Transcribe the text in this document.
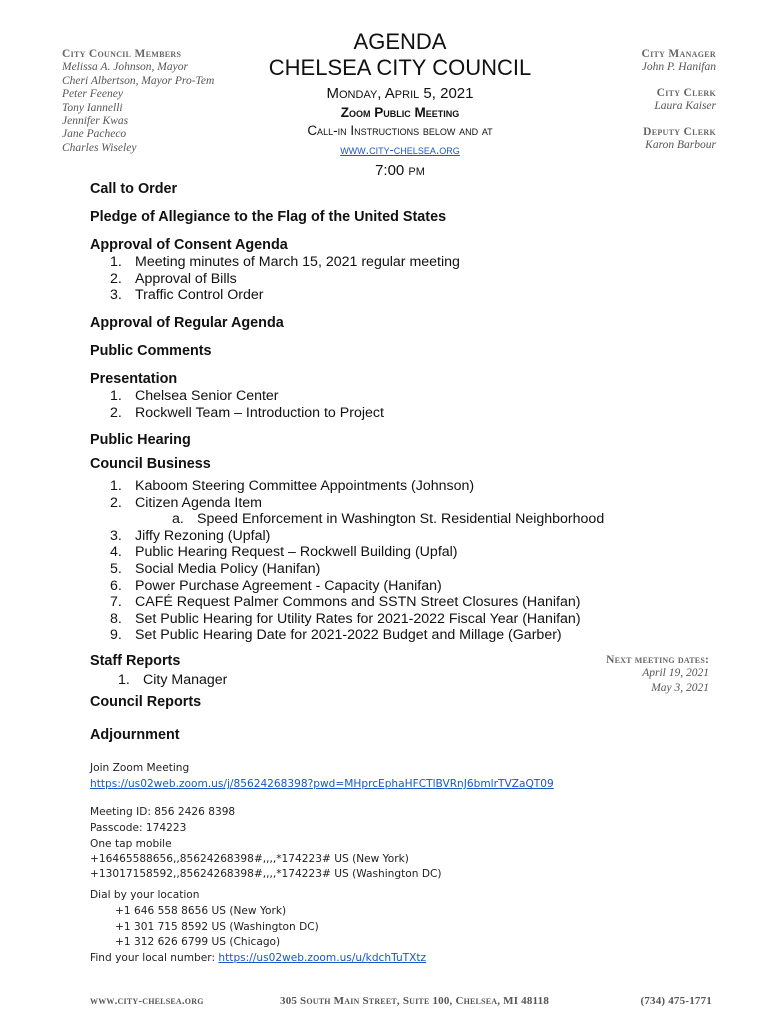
City Council Members
Melissa A. Johnson, Mayor
Cheri Albertson, Mayor Pro-Tem
Peter Feeney
Tony Iannelli
Jennifer Kwas
Jane Pacheco
Charles Wiseley
AGENDA
CHELSEA CITY COUNCIL
Monday, April 5, 2021
Zoom Public Meeting
Call-in Instructions below and at
www.city-chelsea.org
7:00 pm
City Manager
John P. Hanifan
City Clerk
Laura Kaiser
Deputy Clerk
Karon Barbour
Call to Order
Pledge of Allegiance to the Flag of the United States
Approval of Consent Agenda
1. Meeting minutes of March 15, 2021 regular meeting
2. Approval of Bills
3. Traffic Control Order
Approval of Regular Agenda
Public Comments
Presentation
1. Chelsea Senior Center
2. Rockwell Team – Introduction to Project
Public Hearing
Council Business
1. Kaboom Steering Committee Appointments (Johnson)
2. Citizen Agenda Item
a. Speed Enforcement in Washington St. Residential Neighborhood
3. Jiffy Rezoning (Upfal)
4. Public Hearing Request – Rockwell Building (Upfal)
5. Social Media Policy (Hanifan)
6. Power Purchase Agreement - Capacity (Hanifan)
7. CAFÉ Request Palmer Commons and SSTN Street Closures (Hanifan)
8. Set Public Hearing for Utility Rates for 2021-2022 Fiscal Year (Hanifan)
9. Set Public Hearing Date for 2021-2022 Budget and Millage (Garber)
Staff Reports
1. City Manager
Council Reports
Adjournment
Next meeting dates:
April 19, 2021
May 3, 2021
Join Zoom Meeting
https://us02web.zoom.us/j/85624268398?pwd=MHprcEphaHFCTlBVRnJ6bmlrTVZaQT09
Meeting ID: 856 2426 8398
Passcode: 174223
One tap mobile
+16465588656,,85624268398#,,,,*174223# US (New York)
+13017158592,,85624268398#,,,,*174223# US (Washington DC)
Dial by your location
+1 646 558 8656 US (New York)
+1 301 715 8592 US (Washington DC)
+1 312 626 6799 US (Chicago)
Find your local number: https://us02web.zoom.us/u/kdchTuTXtz
www.city-chelsea.org	305 South Main Street, Suite 100, Chelsea, MI 48118	(734) 475-1771
